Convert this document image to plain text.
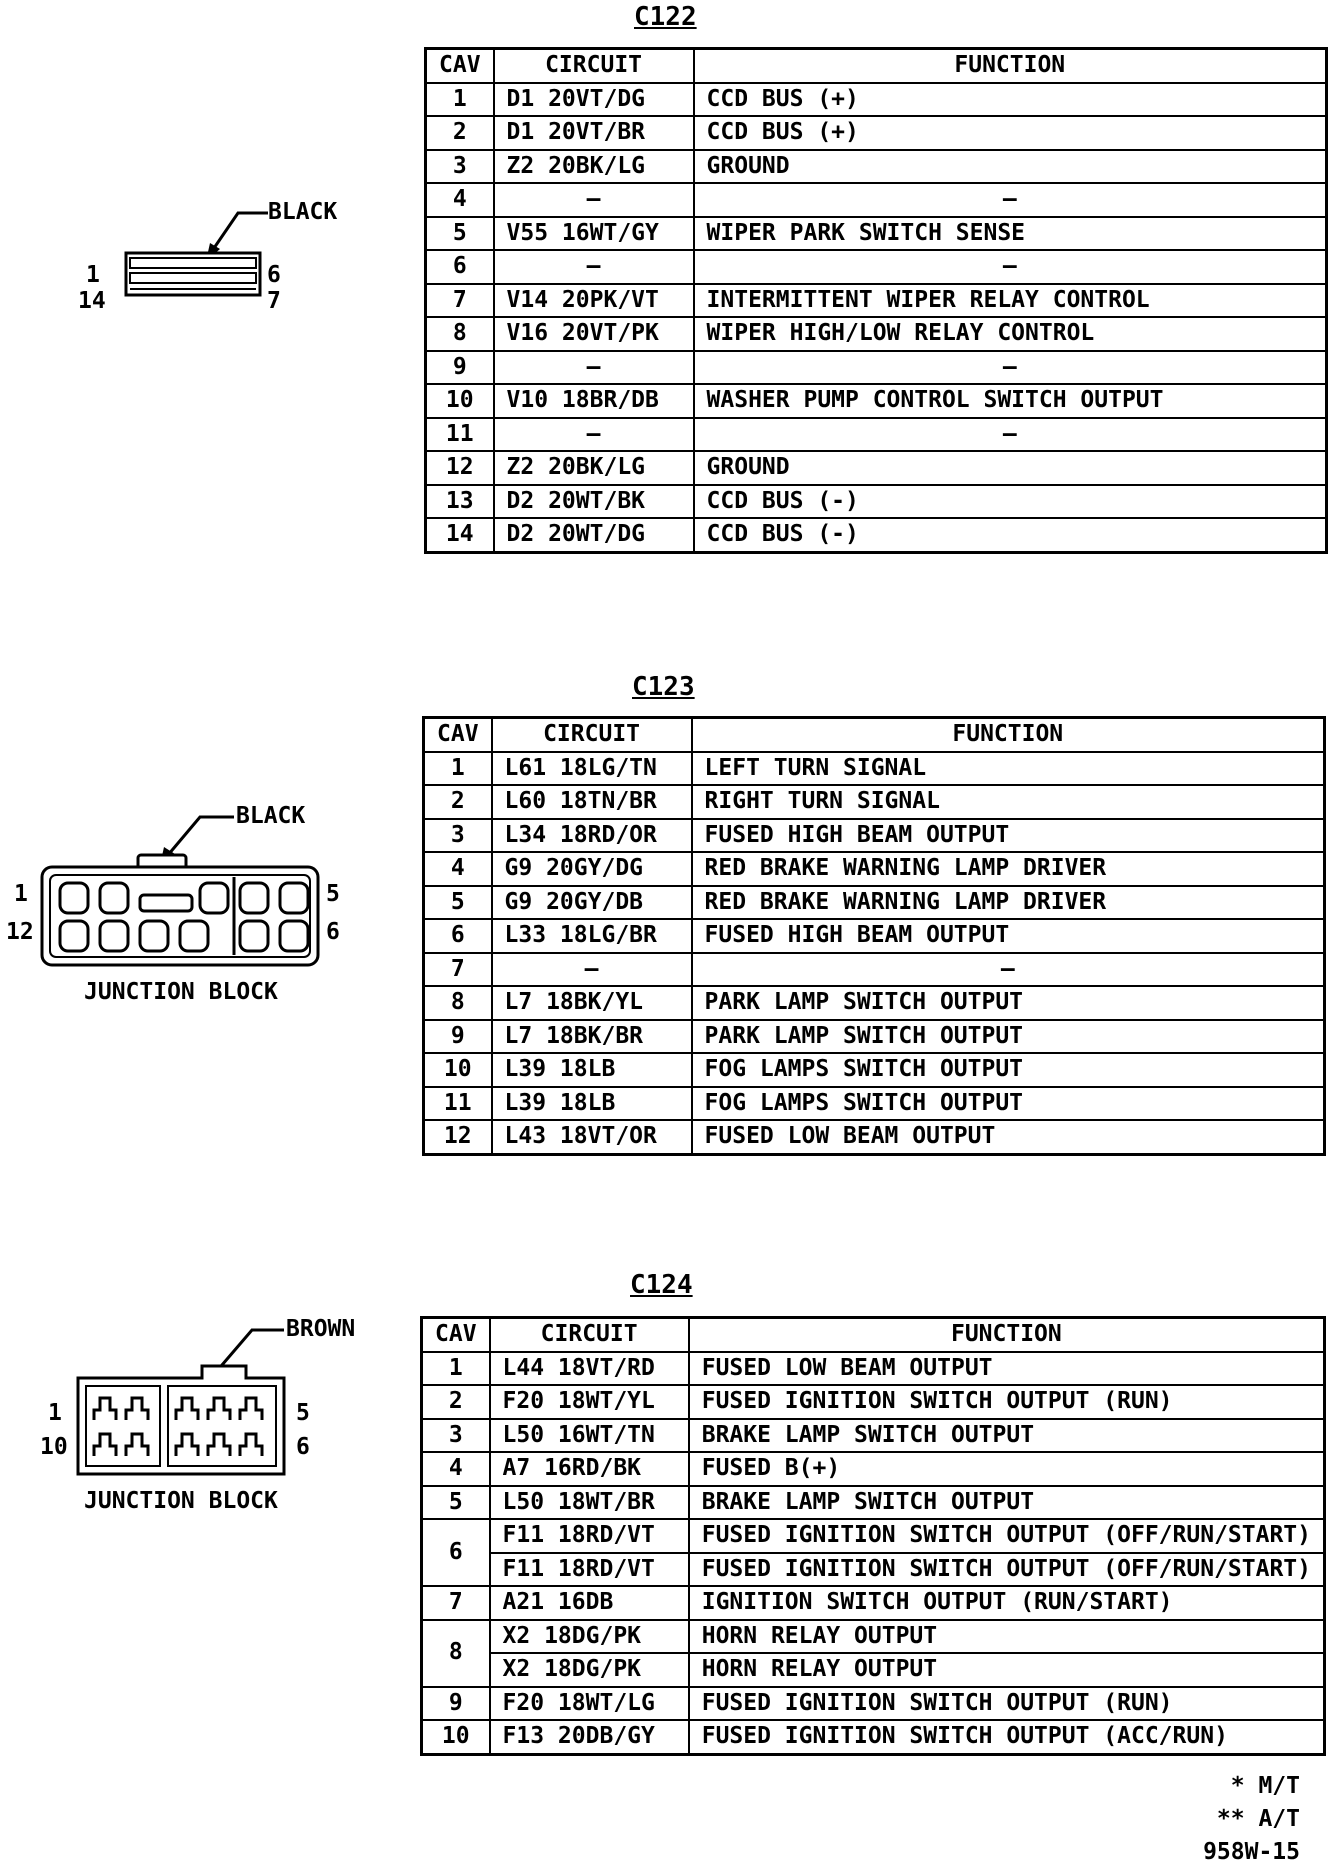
C122
BLACK
1	6
14	7
CAV	CIRCUIT	FUNCTION
1	D1 20VT/DG	CCD BUS (+)
2	D1 20VT/BR	CCD BUS (+)
3	Z2 20BK/LG	GROUND
4	–	–
5	V55 16WT/GY	WIPER PARK SWITCH SENSE
6	–	–
7	V14 20PK/VT	INTERMITTENT WIPER RELAY CONTROL
8	V16 20VT/PK	WIPER HIGH/LOW RELAY CONTROL
9	–	–
10	V10 18BR/DB	WASHER PUMP CONTROL SWITCH OUTPUT
11	–	–
12	Z2 20BK/LG	GROUND
13	D2 20WT/BK	CCD BUS (-)
14	D2 20WT/DG	CCD BUS (-)
C123
BLACK
1	5
12	6
JUNCTION BLOCK
CAV	CIRCUIT	FUNCTION
1	L61 18LG/TN	LEFT TURN SIGNAL
2	L60 18TN/BR	RIGHT TURN SIGNAL
3	L34 18RD/OR	FUSED HIGH BEAM OUTPUT
4	G9 20GY/DG	RED BRAKE WARNING LAMP DRIVER
5	G9 20GY/DB	RED BRAKE WARNING LAMP DRIVER
6	L33 18LG/BR	FUSED HIGH BEAM OUTPUT
7	–	–
8	L7 18BK/YL	PARK LAMP SWITCH OUTPUT
9	L7 18BK/BR	PARK LAMP SWITCH OUTPUT
10	L39 18LB	FOG LAMPS SWITCH OUTPUT
11	L39 18LB	FOG LAMPS SWITCH OUTPUT
12	L43 18VT/OR	FUSED LOW BEAM OUTPUT
C124
BROWN
1	5
10	6
JUNCTION BLOCK
CAV	CIRCUIT	FUNCTION
1	L44 18VT/RD	FUSED LOW BEAM OUTPUT
2	F20 18WT/YL	FUSED IGNITION SWITCH OUTPUT (RUN)
3	L50 16WT/TN	BRAKE LAMP SWITCH OUTPUT
4	A7 16RD/BK	FUSED B(+)
5	L50 18WT/BR	BRAKE LAMP SWITCH OUTPUT
6	F11 18RD/VT	FUSED IGNITION SWITCH OUTPUT (OFF/RUN/START)
	F11 18RD/VT	FUSED IGNITION SWITCH OUTPUT (OFF/RUN/START)
7	A21 16DB	IGNITION SWITCH OUTPUT (RUN/START)
8	X2 18DG/PK	HORN RELAY OUTPUT
	X2 18DG/PK	HORN RELAY OUTPUT
9	F20 18WT/LG	FUSED IGNITION SWITCH OUTPUT (RUN)
10	F13 20DB/GY	FUSED IGNITION SWITCH OUTPUT (ACC/RUN)
* M/T
** A/T
958W-15
